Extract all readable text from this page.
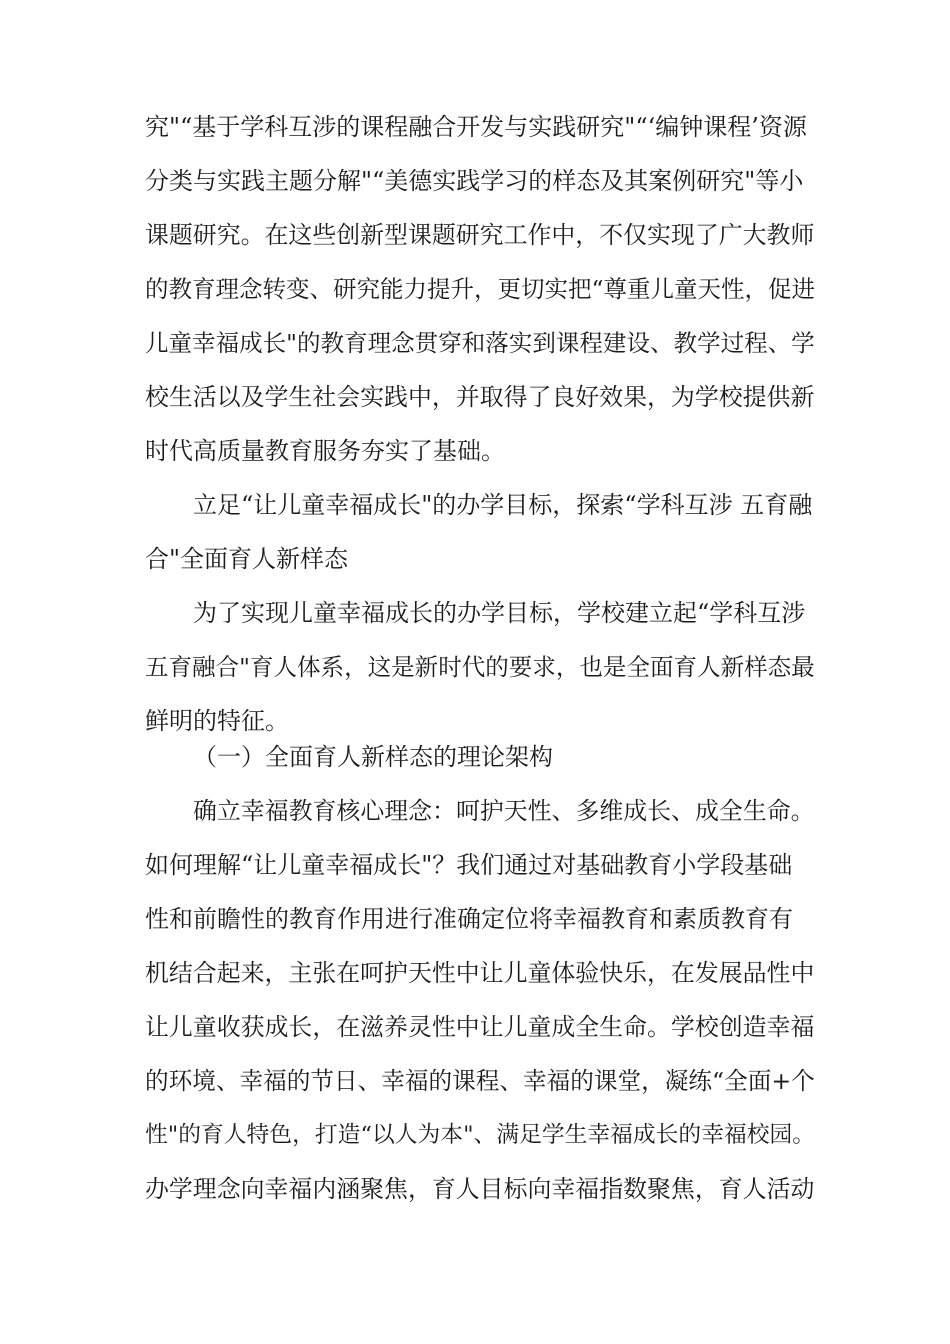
究"“基于学科互涉的课程融合开发与实践研究"“‘编钟课程’资源
分类与实践主题分解"“美德实践学习的样态及其案例研究"等小
课题研究。在这些创新型课题研究工作中，不仅实现了广大教师
的教育理念转变、研究能力提升，更切实把“尊重儿童天性，促进
儿童幸福成长"的教育理念贯穿和落实到课程建设、教学过程、学
校生活以及学生社会实践中，并取得了良好效果，为学校提供新
时代高质量教育服务夯实了基础。
立足“让儿童幸福成长"的办学目标，探索“学科互涉 五育融
合"全面育人新样态
为了实现儿童幸福成长的办学目标，学校建立起“学科互涉
五育融合"育人体系，这是新时代的要求，也是全面育人新样态最
鲜明的特征。
（一）全面育人新样态的理论架构
确立幸福教育核心理念：呵护天性、多维成长、成全生命。
如何理解“让儿童幸福成长"？我们通过对基础教育小学段基础
性和前瞻性的教育作用进行准确定位将幸福教育和素质教育有
机结合起来，主张在呵护天性中让儿童体验快乐，在发展品性中
让儿童收获成长，在滋养灵性中让儿童成全生命。学校创造幸福
的环境、幸福的节日、幸福的课程、幸福的课堂，凝练“全面+个
性"的育人特色，打造“以人为本"、满足学生幸福成长的幸福校园。
办学理念向幸福内涵聚焦，育人目标向幸福指数聚焦，育人活动
